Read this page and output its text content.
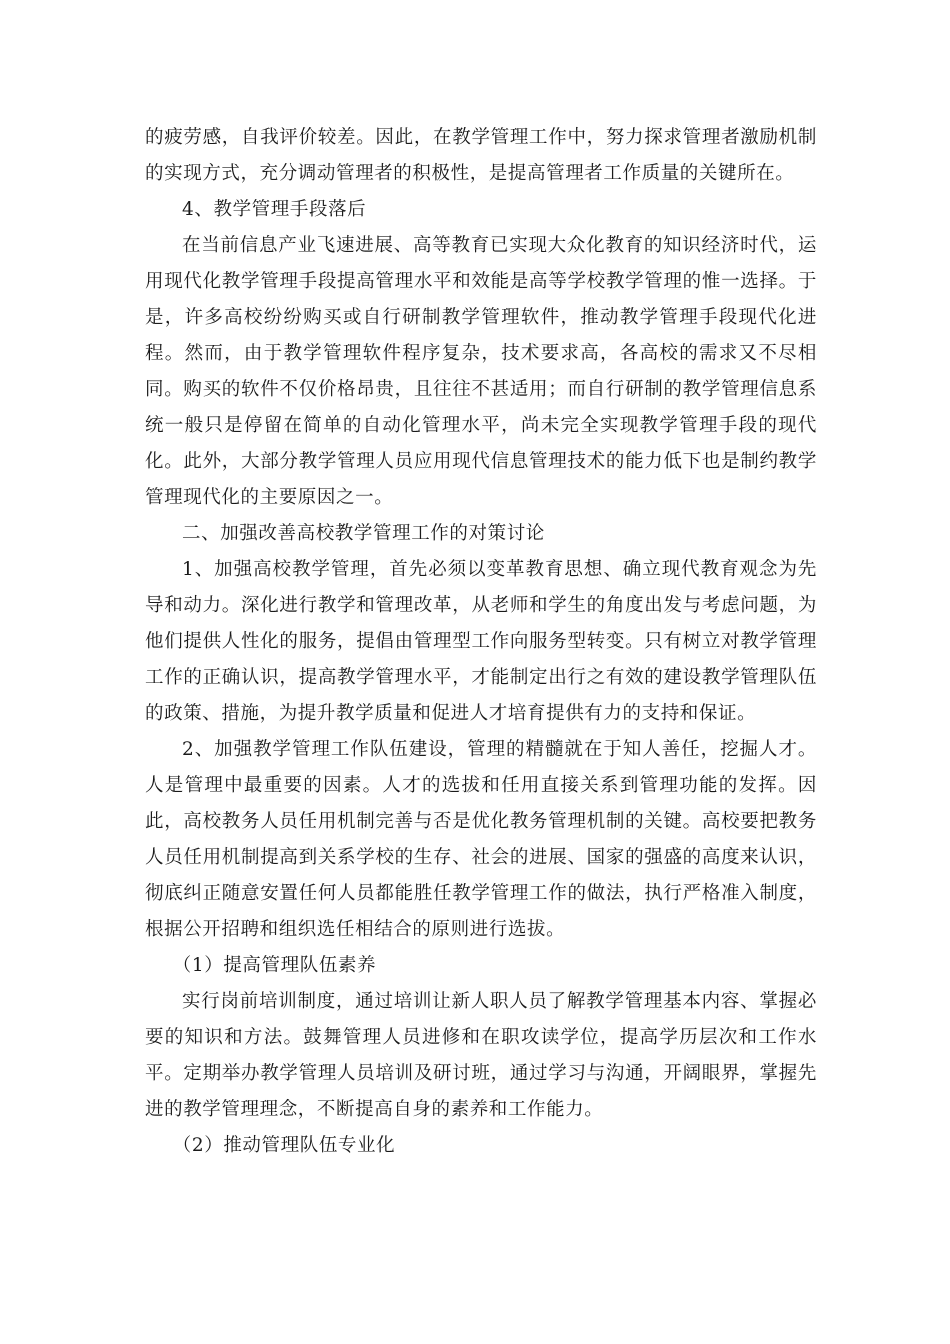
的疲劳感，自我评价较差。因此，在教学管理工作中，努力探求管理者激励机制的实现方式，充分调动管理者的积极性，是提高管理者工作质量的关键所在。

4、教学管理手段落后

在当前信息产业飞速进展、高等教育已实现大众化教育的知识经济时代，运用现代化教学管理手段提高管理水平和效能是高等学校教学管理的惟一选择。于是，许多高校纷纷购买或自行研制教学管理软件，推动教学管理手段现代化进程。然而，由于教学管理软件程序复杂，技术要求高，各高校的需求又不尽相同。购买的软件不仅价格昂贵，且往往不甚适用；而自行研制的教学管理信息系统一般只是停留在简单的自动化管理水平，尚未完全实现教学管理手段的现代化。此外，大部分教学管理人员应用现代信息管理技术的能力低下也是制约教学管理现代化的主要原因之一。

二、加强改善高校教学管理工作的对策讨论

1、加强高校教学管理，首先必须以变革教育思想、确立现代教育观念为先导和动力。深化进行教学和管理改革，从老师和学生的角度出发与考虑问题，为他们提供人性化的服务，提倡由管理型工作向服务型转变。只有树立对教学管理工作的正确认识，提高教学管理水平，才能制定出行之有效的建设教学管理队伍的政策、措施，为提升教学质量和促进人才培育提供有力的支持和保证。

2、加强教学管理工作队伍建设，管理的精髓就在于知人善任，挖掘人才。人是管理中最重要的因素。人才的选拔和任用直接关系到管理功能的发挥。因此，高校教务人员任用机制完善与否是优化教务管理机制的关键。高校要把教务人员任用机制提高到关系学校的生存、社会的进展、国家的强盛的高度来认识，彻底纠正随意安置任何人员都能胜任教学管理工作的做法，执行严格准入制度，根据公开招聘和组织选任相结合的原则进行选拔。

（1）提高管理队伍素养

实行岗前培训制度，通过培训让新人职人员了解教学管理基本内容、掌握必要的知识和方法。鼓舞管理人员进修和在职攻读学位，提高学历层次和工作水平。定期举办教学管理人员培训及研讨班，通过学习与沟通，开阔眼界，掌握先进的教学管理理念，不断提高自身的素养和工作能力。

（2）推动管理队伍专业化
